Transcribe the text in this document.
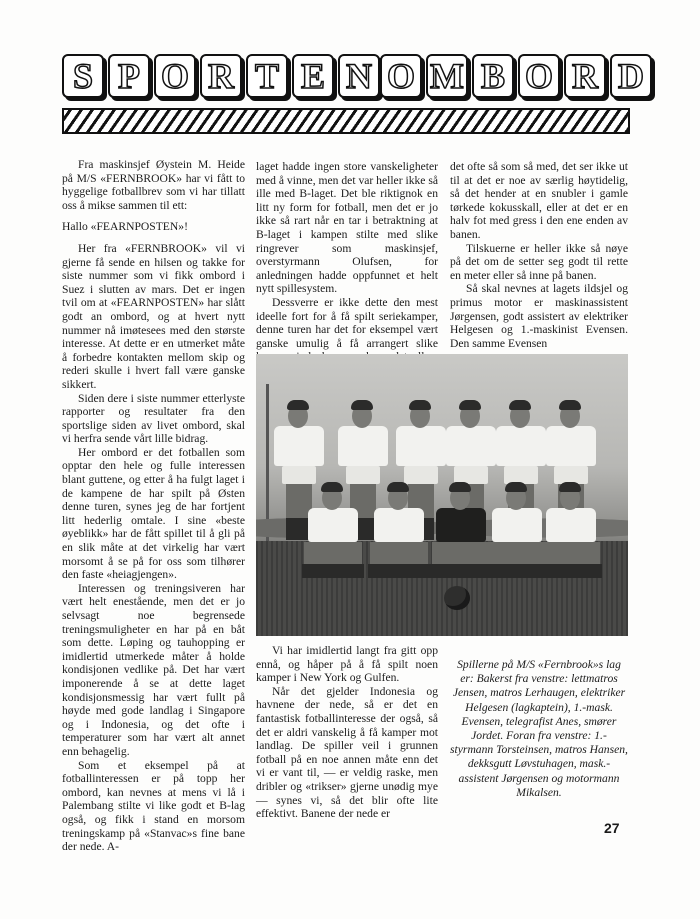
S P O R T E N O M B O R D

Fra maskinsjef Øystein M. Heide på M/S «FERNBROOK» har vi fått to hyggelige fotballbrev som vi har tillatt oss å mikse sammen til ett:

Hallo «FEARNPOSTEN»!

Her fra «FERNBROOK» vil vi gjerne få sende en hilsen og takke for siste nummer som vi fikk ombord i Suez i slutten av mars. Det er ingen tvil om at «FEARNPOSTEN» har slått godt an ombord, og at hvert nytt nummer nå imøtesees med den største interesse. At dette er en utmerket måte å forbedre kontakten mellom skip og rederi skulle i hvert fall være ganske sikkert.

Siden dere i siste nummer etterlyste rapporter og resultater fra den sportslige siden av livet ombord, skal vi herfra sende vårt lille bidrag.

Her ombord er det fotballen som opptar den hele og fulle interessen blant guttene, og etter å ha fulgt laget i de kampene de har spilt på Østen denne turen, synes jeg de har fortjent litt hederlig omtale. I sine «beste øyeblikk» har de fått spillet til å gli på en slik måte at det virkelig har vært morsomt å se på for oss som tilhører den faste «heiagjengen».

Interessen og treningsiveren har vært helt enestående, men det er jo selvsagt noe begrensede treningsmuligheter en har på en båt som dette. Løping og tauhopping er imidlertid utmerkede måter å holde kondisjonen vedlike på. Det har vært imponerende å se at dette laget kondisjonsmessig har vært fullt på høyde med gode landlag i Singapore og i Indonesia, og det ofte i temperaturer som har vært alt annet enn behagelig.

Som et eksempel på at fotballinteressen er på topp her ombord, kan nevnes at mens vi lå i Palembang stilte vi like godt et B-lag også, og fikk i stand en morsom treningskamp på «Stanvac»s fine bane der nede. A-

laget hadde ingen store vanskeligheter med å vinne, men det var heller ikke så ille med B-laget. Det ble riktignok en litt ny form for fotball, men det er jo ikke så rart når en tar i betraktning at B-laget i kampen stilte med slike ringrever som maskinsjef, overstyrmann Olufsen, for anledningen hadde oppfunnet et helt nytt spillesystem.

Dessverre er ikke dette den mest ideelle fort for å få spilt seriekamper, denne turen har det for eksempel vært ganske umulig å få arrangert slike

det ofte så som så med, det ser ikke ut til at det er noe av særlig høytidelig, så det hender at en snubler i gamle tørkede kokusskall, eller at det er en halv fot med gress i den ene enden av banen.

Tilskuerne er heller ikke så nøye på det om de setter seg godt til rette en meter eller så inne på banen.

Så skal nevnes at lagets ildsjel og primus motor er maskinassistent Jørgensen, godt assistert av elektriker Helgesen og 1.-maskinist Evensen. Den samme Evensen

Vi har imidlertid langt fra gitt opp ennå, og håper på å få spilt noen kamper i New York og Gulfen.

Når det gjelder Indonesia og havnene der nede, så er det en fantastisk fotballinteresse der også, så det er aldri vanskelig å få kamper mot landlag. De spiller veil i grunnen fotball på en noe annen måte enn det vi er vant til, — er veldig raske, men dribler og «trikser» gjerne unødig mye — synes vi, så det blir ofte lite effektivt. Banene der nede er

Spillerne på M/S «Fernbrook»s lag er: Bakerst fra venstre: lettmatros Jensen, matros Lerhaugen, elektriker Helgesen (lagkaptein), 1.-mask. Evensen, telegrafist Anes, smører Jordet. Foran fra venstre: 1.-styrmann Torsteinsen, matros Hansen, dekksgutt Løvstuhagen, mask.-assistent Jørgensen og motormann Mikalsen.
27
